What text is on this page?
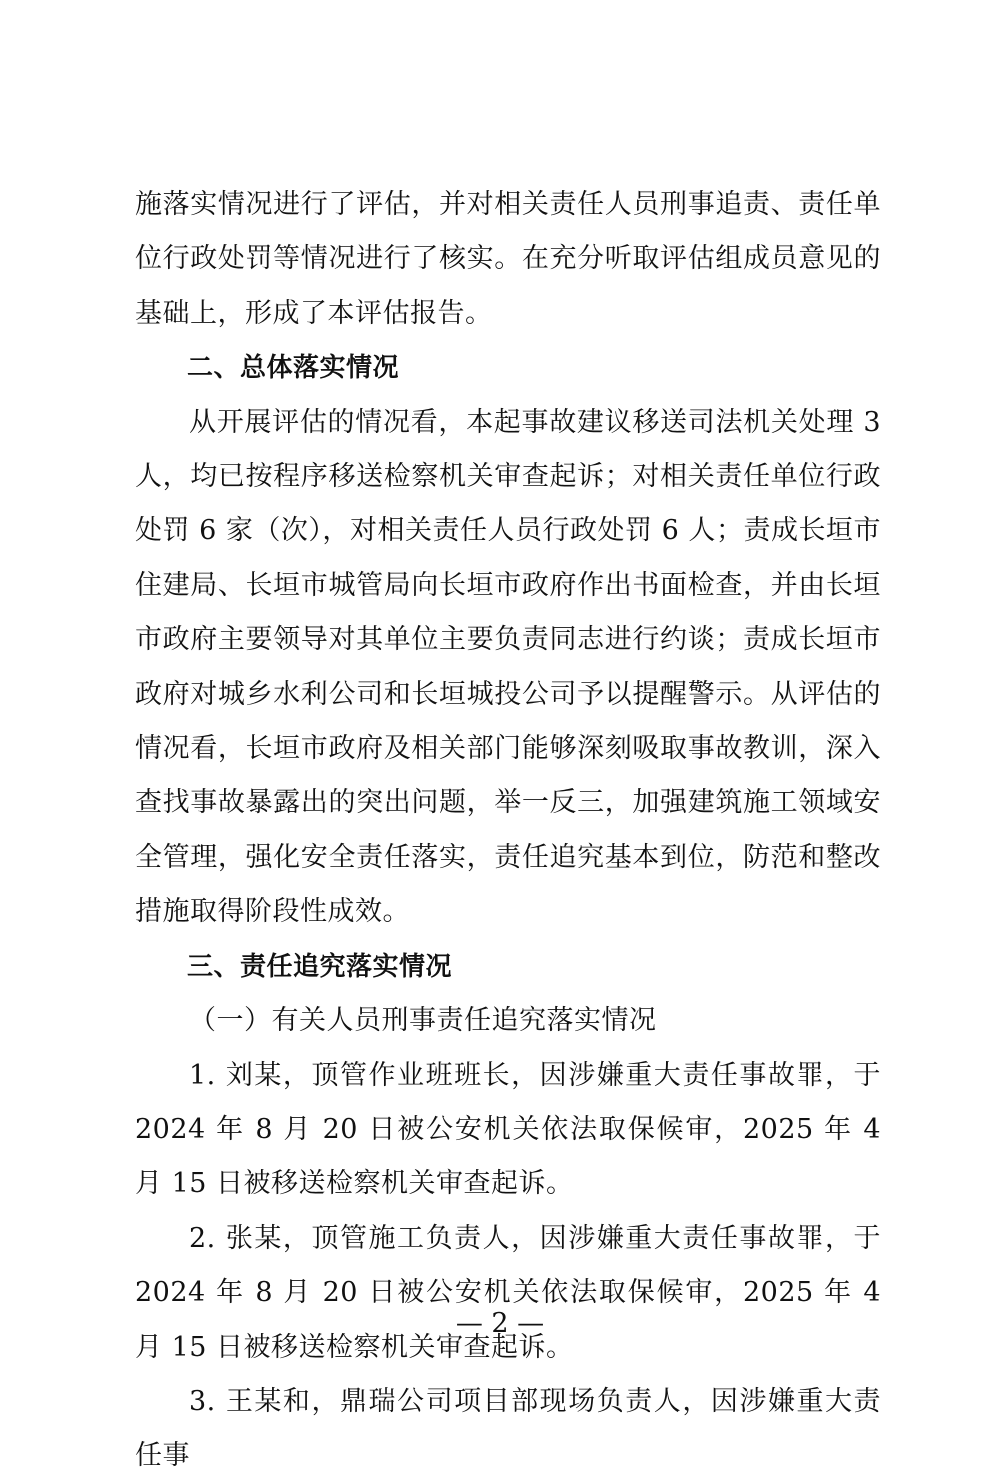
施落实情况进行了评估，并对相关责任人员刑事追责、责任单位行政处罚等情况进行了核实。在充分听取评估组成员意见的基础上，形成了本评估报告。

二、总体落实情况

从开展评估的情况看，本起事故建议移送司法机关处理 3 人，均已按程序移送检察机关审查起诉；对相关责任单位行政处罚 6 家（次），对相关责任人员行政处罚 6 人；责成长垣市住建局、长垣市城管局向长垣市政府作出书面检查，并由长垣市政府主要领导对其单位主要负责同志进行约谈；责成长垣市政府对城乡水利公司和长垣城投公司予以提醒警示。从评估的情况看，长垣市政府及相关部门能够深刻吸取事故教训，深入查找事故暴露出的突出问题，举一反三，加强建筑施工领域安全管理，强化安全责任落实，责任追究基本到位，防范和整改措施取得阶段性成效。

三、责任追究落实情况

（一）有关人员刑事责任追究落实情况

1. 刘某，顶管作业班班长，因涉嫌重大责任事故罪，于 2024 年 8 月 20 日被公安机关依法取保候审，2025 年 4 月 15 日被移送检察机关审查起诉。

2. 张某，顶管施工负责人，因涉嫌重大责任事故罪，于 2024 年 8 月 20 日被公安机关依法取保候审，2025 年 4 月 15 日被移送检察机关审查起诉。

3. 王某和，鼎瑞公司项目部现场负责人，因涉嫌重大责任事

— 2 —
